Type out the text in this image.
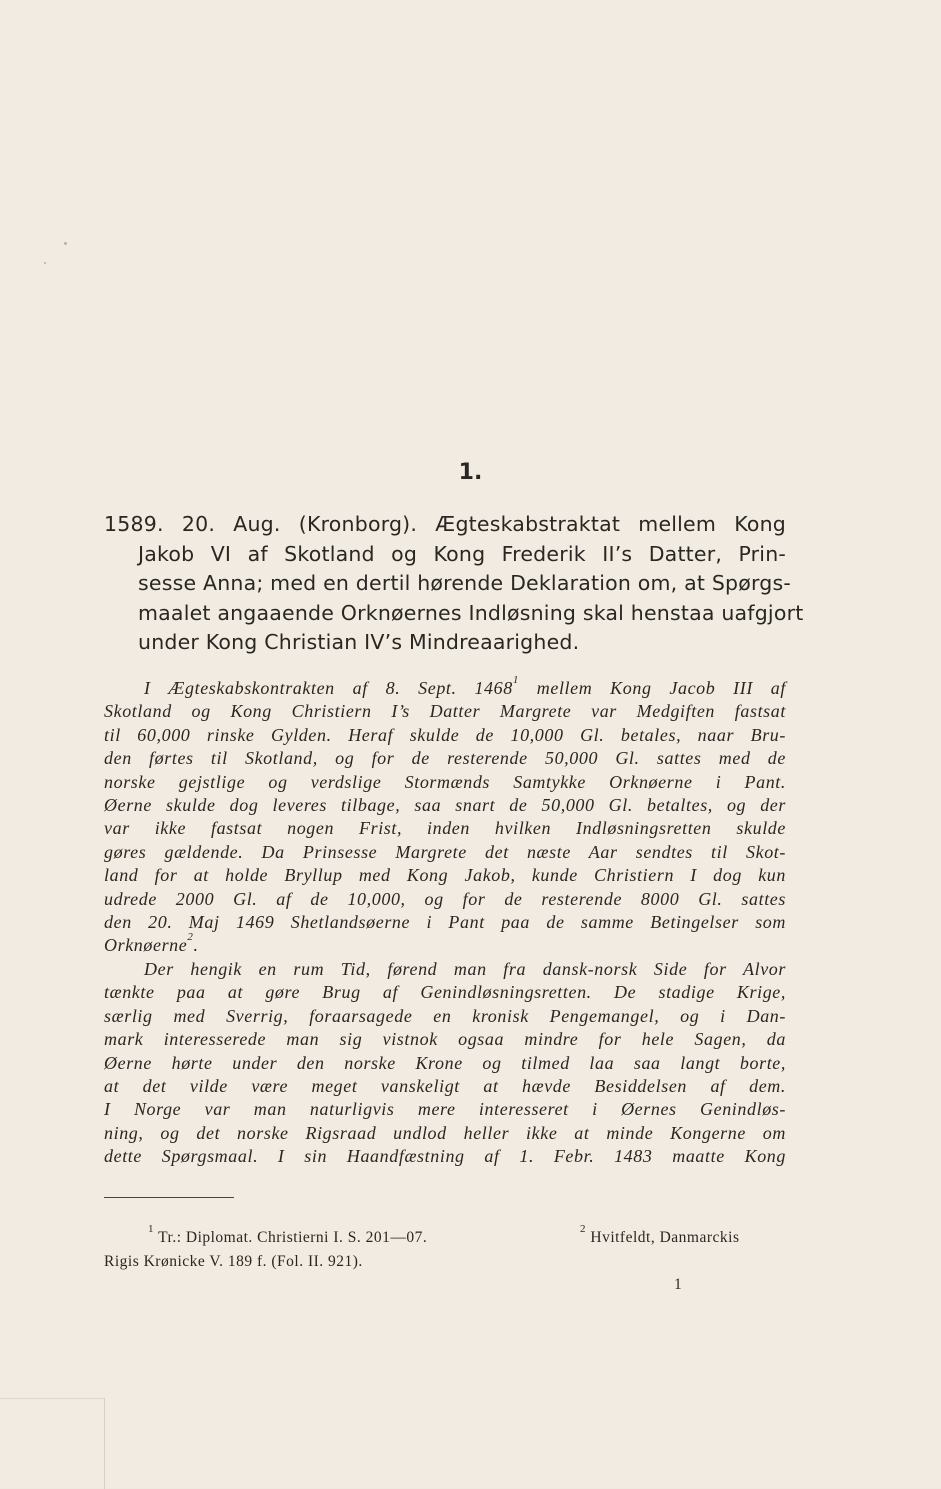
1.
1589. 20. Aug. (Kronborg). Ægteskabstraktat mellem Kong
Jakob VI af Skotland og Kong Frederik II’s Datter, Prin-
sesse Anna; med en dertil hørende Deklaration om, at Spørgs-
maalet angaaende Orknøernes Indløsning skal henstaa uafgjort
under Kong Christian IV’s Mindreaarighed.
I Ægteskabskontrakten af 8. Sept. 1468$^1$ mellem Kong Jacob III af
Skotland og Kong Christiern I’s Datter Margrete var Medgiften fastsat
til 60,000 rinske Gylden. Heraf skulde de 10,000 Gl. betales, naar Bru-
den førtes til Skotland, og for de resterende 50,000 Gl. sattes med de
norske gejstlige og verdslige Stormænds Samtykke Orknøerne i Pant.
Øerne skulde dog leveres tilbage, saa snart de 50,000 Gl. betaltes, og der
var ikke fastsat nogen Frist, inden hvilken Indløsningsretten skulde
gøres gældende. Da Prinsesse Margrete det næste Aar sendtes til Skot-
land for at holde Bryllup med Kong Jakob, kunde Christiern I dog kun
udrede 2000 Gl. af de 10,000, og for de resterende 8000 Gl. sattes
den 20. Maj 1469 Shetlandsøerne i Pant paa de samme Betingelser som
Orknøerne$^2$.
Der hengik en rum Tid, førend man fra dansk-norsk Side for Alvor
tænkte paa at gøre Brug af Genindløsningsretten. De stadige Krige,
særlig med Sverrig, foraarsagede en kronisk Pengemangel, og i Dan-
mark interesserede man sig vistnok ogsaa mindre for hele Sagen, da
Øerne hørte under den norske Krone og tilmed laa saa langt borte,
at det vilde være meget vanskeligt at hævde Besiddelsen af dem.
I Norge var man naturligvis mere interesseret i Øernes Genindløs-
ning, og det norske Rigsraad undlod heller ikke at minde Kongerne om
dette Spørgsmaal. I sin Haandfæstning af 1. Febr. 1483 maatte Kong
$^1$ Tr.: Diplomat. Christierni I. S. 201—07.	$^2$ Hvitfeldt, Danmarckis
Rigis Krønicke V. 189 f. (Fol. II. 921).
1
